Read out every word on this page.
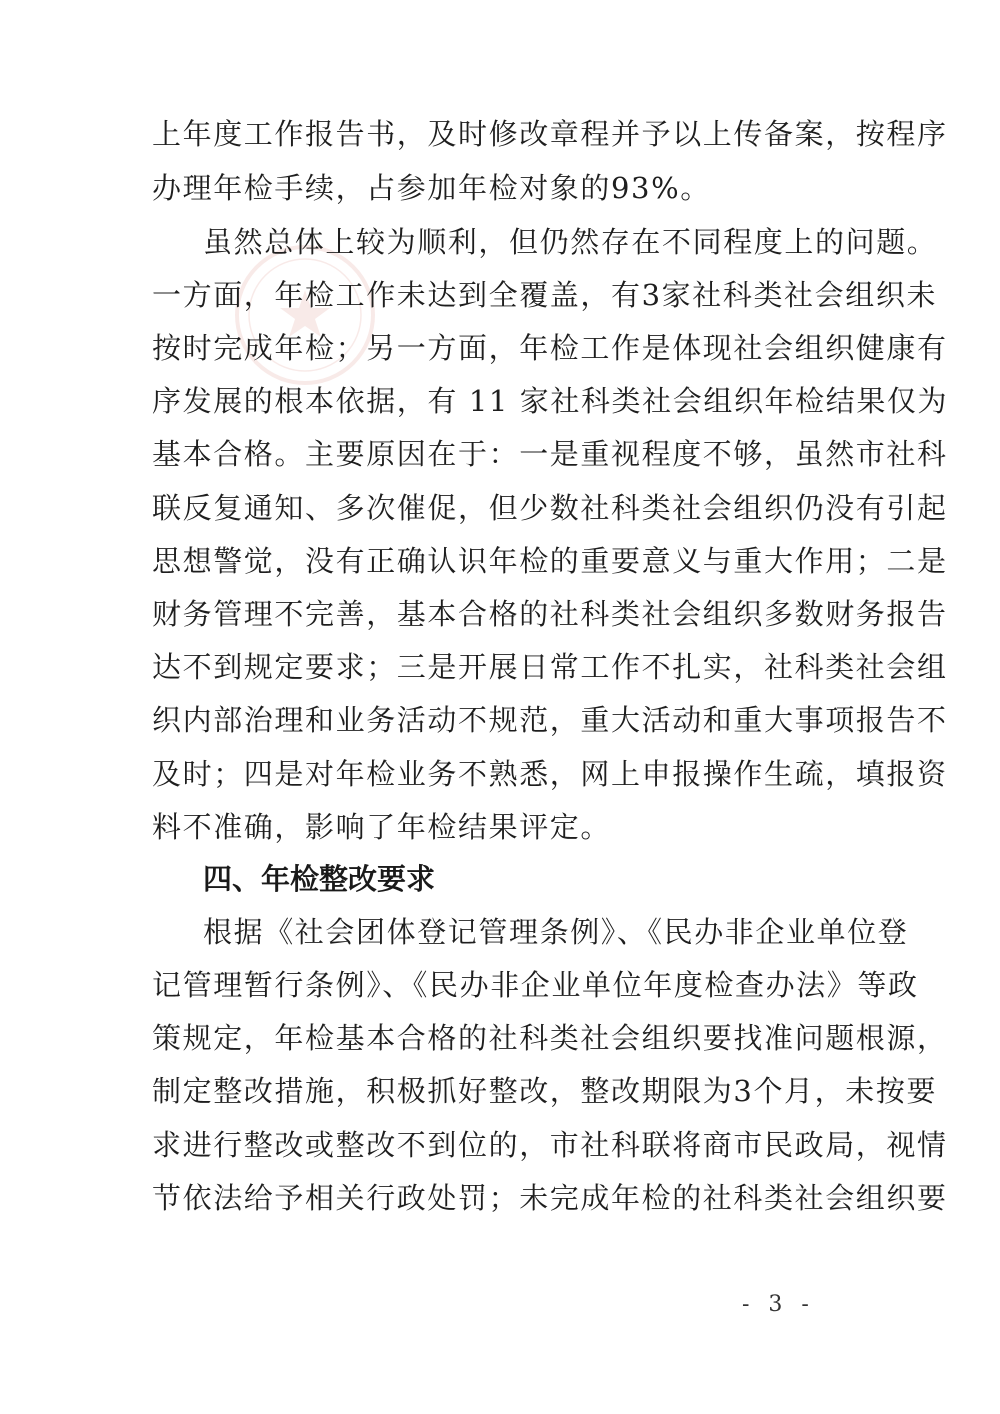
上年度工作报告书，及时修改章程并予以上传备案，按程序
办理年检手续，占参加年检对象的93%。
虽然总体上较为顺利，但仍然存在不同程度上的问题。
一方面，年检工作未达到全覆盖，有3家社科类社会组织未
按时完成年检；另一方面，年检工作是体现社会组织健康有
序发展的根本依据，有 11 家社科类社会组织年检结果仅为
基本合格。主要原因在于：一是重视程度不够，虽然市社科
联反复通知、多次催促，但少数社科类社会组织仍没有引起
思想警觉，没有正确认识年检的重要意义与重大作用；二是
财务管理不完善，基本合格的社科类社会组织多数财务报告
达不到规定要求；三是开展日常工作不扎实，社科类社会组
织内部治理和业务活动不规范，重大活动和重大事项报告不
及时；四是对年检业务不熟悉，网上申报操作生疏，填报资
料不准确，影响了年检结果评定。
四、年检整改要求
根据《社会团体登记管理条例》、《民办非企业单位登
记管理暂行条例》、《民办非企业单位年度检查办法》等政
策规定，年检基本合格的社科类社会组织要找准问题根源，
制定整改措施，积极抓好整改，整改期限为3个月，未按要
求进行整改或整改不到位的，市社科联将商市民政局，视情
节依法给予相关行政处罚；未完成年检的社科类社会组织要
- 3 -
